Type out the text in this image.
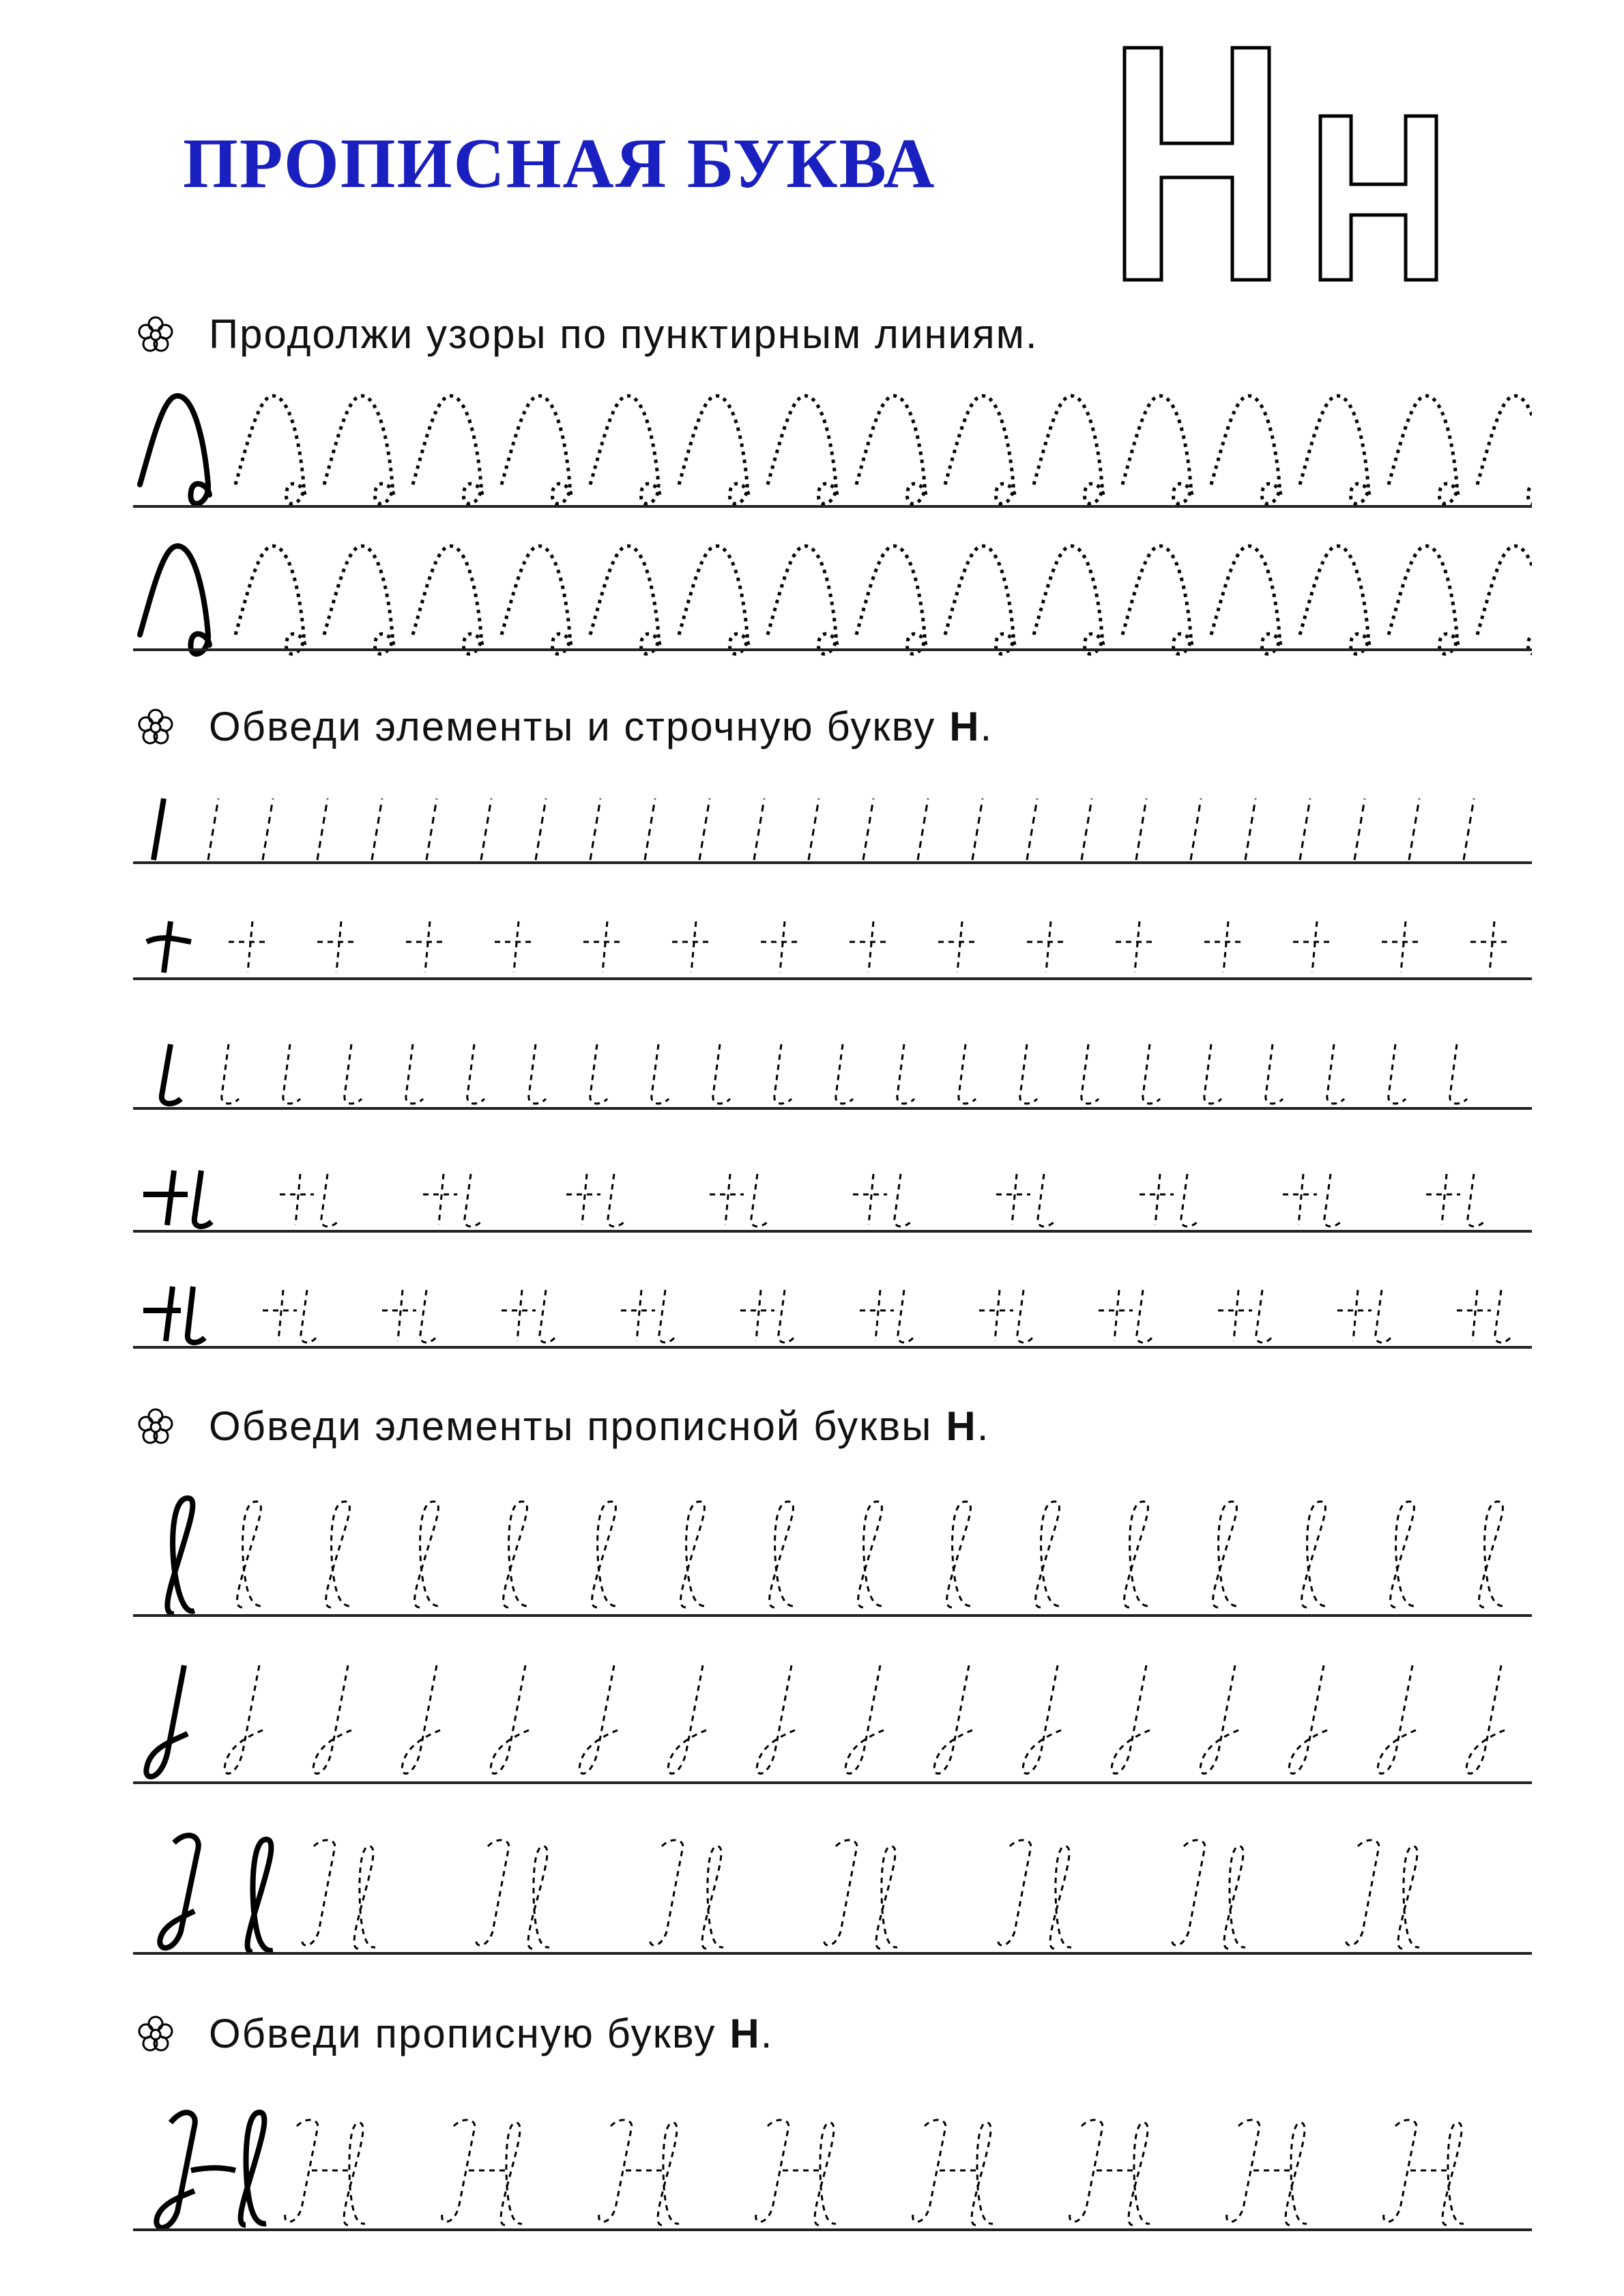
ПРОПИСНАЯ БУКВА

Продолжи узоры по пунктирным линиям.

Обведи элементы и строчную букву Н .

Обведи элементы прописной буквы Н .

Обведи прописную букву Н .
